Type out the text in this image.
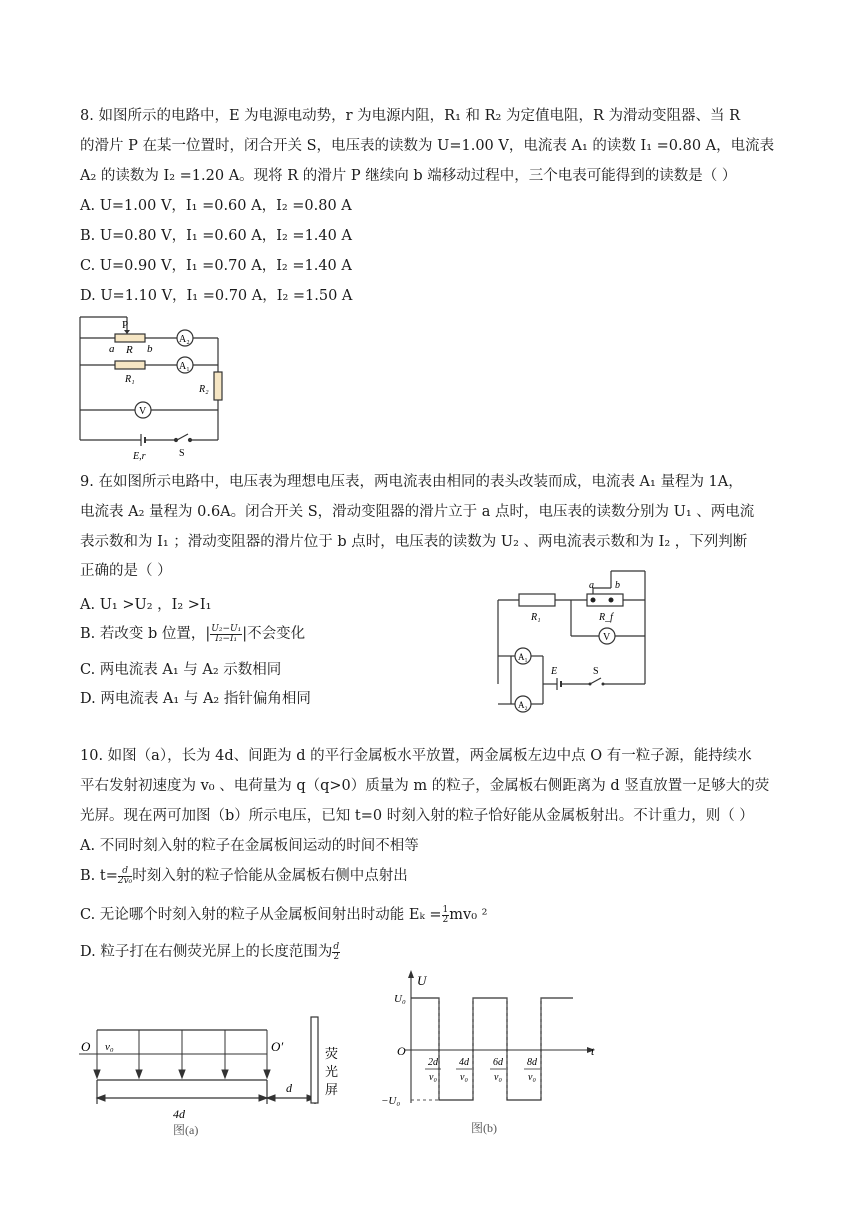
8. 如图所示的电路中，E 为电源电动势，r 为电源内阻，R₁ 和 R₂ 为定值电阻，R 为滑动变阻器、当 R
的滑片 P 在某一位置时，闭合开关 S，电压表的读数为 U=1.00 V，电流表 A₁ 的读数 I₁ =0.80 A，电流表
A₂ 的读数为 I₂ =1.20 A。现将 R 的滑片 P 继续向 b 端移动过程中，三个电表可能得到的读数是（ ）
A. U=1.00 V，I₁ =0.60 A，I₂ =0.80 A
B. U=0.80 V，I₁ =0.60 A，I₂ =1.40 A
C. U=0.90 V，I₁ =0.70 A，I₂ =1.40 A
D. U=1.10 V，I₁ =0.70 A，I₂ =1.50 A
P
a R b
A₂
A₁
R₁
R₂
V
E,r	S
9. 在如图所示电路中，电压表为理想电压表，两电流表由相同的表头改装而成，电流表 A₁ 量程为 1A，
电流表 A₂ 量程为 0.6A。闭合开关 S，滑动变阻器的滑片立于 a 点时，电压表的读数分别为 U₁ 、两电流
表示数和为 I₁ ；滑动变阻器的滑片位于 b 点时，电压表的读数为 U₂ 、两电流表示数和为 I₂ ，下列判断
正确的是（ ）
A. U₁ >U₂ ，I₂ >I₁
B. 若改变 b 位置，| $\frac{\text{U₂−U₁}}{\text{I₂−I₁}}$ |不会变化
C. 两电流表 A₁ 与 A₂ 示数相同
D. 两电流表 A₁ 与 A₂ 指针偏角相同
a b
R₁	R_f
V
A₁
A₂
E	S
10. 如图（a），长为 4d、间距为 d 的平行金属板水平放置，两金属板左边中点 O 有一粒子源，能持续水
平右发射初速度为 v₀ 、电荷量为 q（q>0）质量为 m 的粒子，金属板右侧距离为 d 竖直放置一足够大的荧
光屏。现在两可加图（b）所示电压，已知 t=0 时刻入射的粒子恰好能从金属板射出。不计重力，则（ ）
A. 不同时刻入射的粒子在金属板间运动的时间不相等
B. $t= \frac{d}{\text{2v₀}}$ 时刻入射的粒子恰能从金属板右侧中点射出
C. 无论哪个时刻入射的粒子从金属板间射出时动能 $E_k = \frac{1}{2} mv_0$ ²
D. 粒子打在右侧荧光屏上的长度范围为 $\frac{d}{2}$
O v₀	O′
4d
d
荧
光
屏
图(a)
U
U₀
O	t
−U₀
2d
v₀
4d
v₀
6d
v₀
8d
v₀
图(b)
